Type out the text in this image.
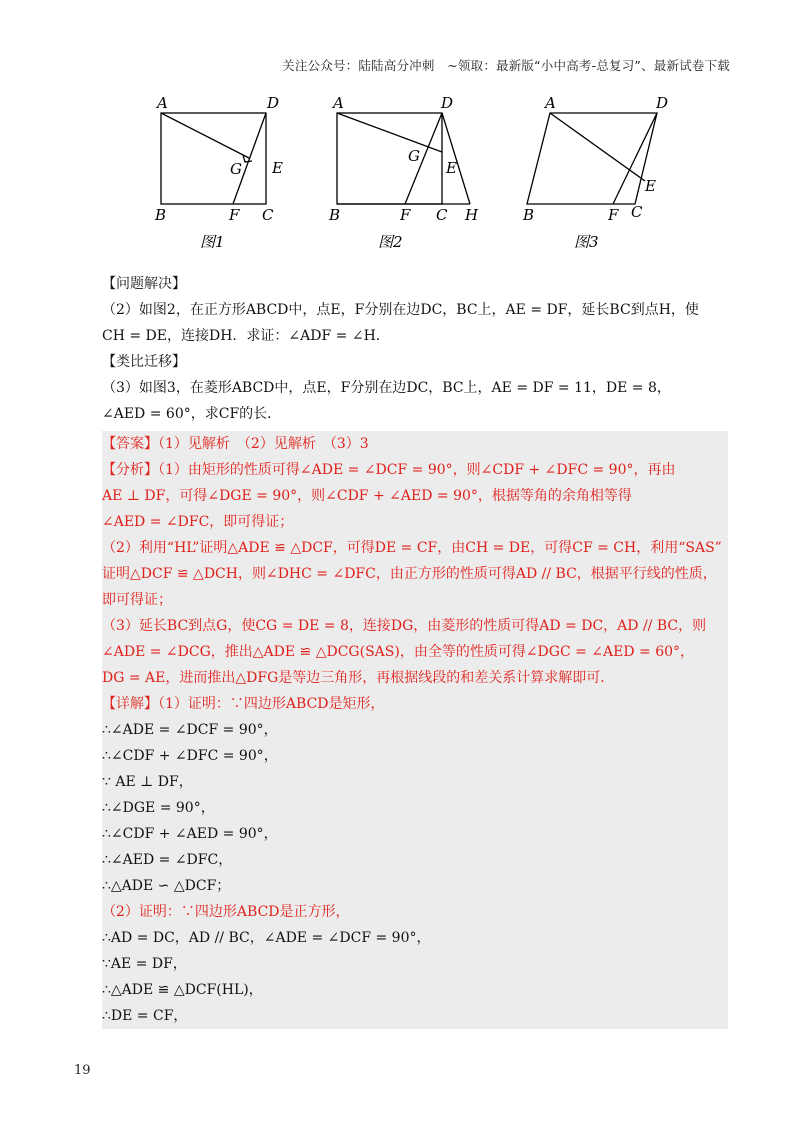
关注公众号：陆陆高分冲刺　~领取：最新版“小中高考-总复习”、最新试卷下载
A	D
G E
B	F C
A	D
G
E
B	F C H
A	D
E
B	F C
图1	图2	图3
【问题解决】
（2）如图2，在正方形ABCD中，点E，F分别在边DC，BC上，AE = DF，延长BC到点H，使
CH = DE，连接DH．求证：∠ADF = ∠H．
【类比迁移】
（3）如图3，在菱形ABCD中，点E，F分别在边DC，BC上，AE = DF = 11，DE = 8，
∠AED = 60°，求CF的长．
【答案】（1）见解析　（2）见解析　（3）3
【分析】（1）由矩形的性质可得∠ADE = ∠DCF = 90°，则∠CDF + ∠DFC = 90°，再由
AE ⊥ DF，可得∠DGE = 90°，则∠CDF + ∠AED = 90°，根据等角的余角相等得
∠AED = ∠DFC，即可得证；
（2）利用“HL”证明△ADE ≌ △DCF，可得DE = CF，由CH = DE，可得CF = CH，利用“SAS”
证明△DCF ≌ △DCH，则∠DHC = ∠DFC，由正方形的性质可得AD // BC，根据平行线的性质，
即可得证；
（3）延长BC到点G，使CG = DE = 8，连接DG，由菱形的性质可得AD = DC，AD // BC，则
∠ADE = ∠DCG，推出△ADE ≌ △DCG(SAS)，由全等的性质可得∠DGC = ∠AED = 60°，
DG = AE，进而推出△DFG是等边三角形，再根据线段的和差关系计算求解即可．
【详解】（1）证明：∵四边形ABCD是矩形，
∴∠ADE = ∠DCF = 90°，
∴∠CDF + ∠DFC = 90°，
∵ AE ⊥ DF，
∴∠DGE = 90°，
∴∠CDF + ∠AED = 90°，
∴∠AED = ∠DFC，
∴△ADE ∽ △DCF；
（2）证明：∵四边形ABCD是正方形，
∴AD = DC，AD // BC，∠ADE = ∠DCF = 90°，
∵AE = DF，
∴△ADE ≌ △DCF(HL)，
∴DE = CF，
19
